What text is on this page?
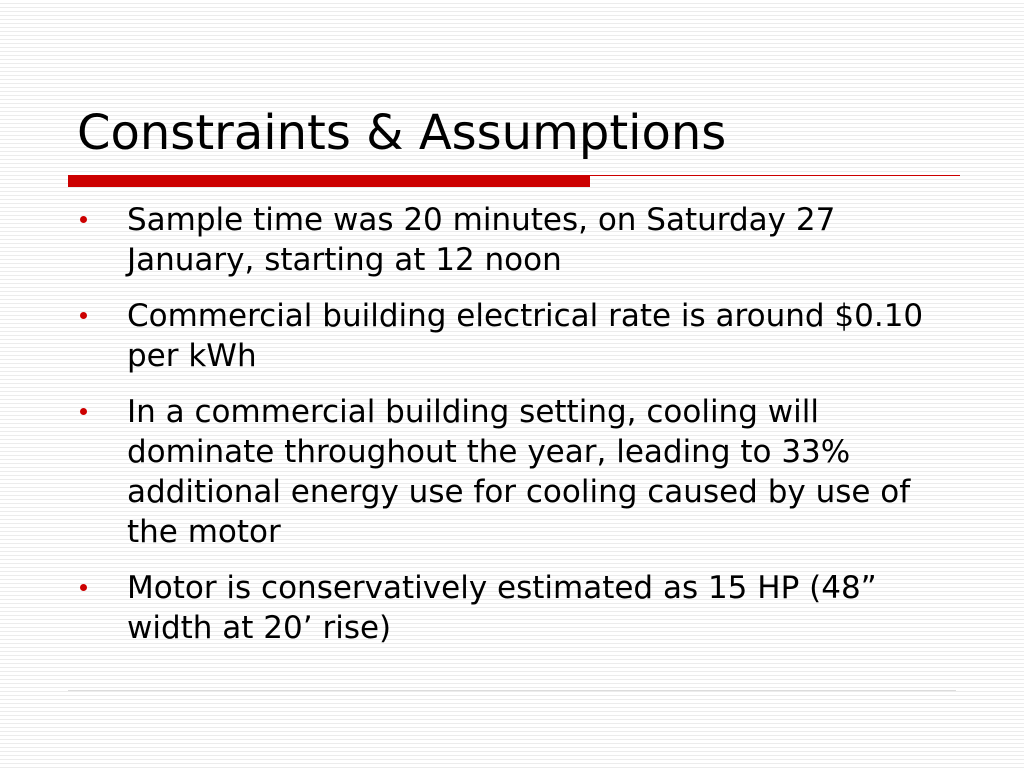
Constraints & Assumptions
Sample time was 20 minutes, on Saturday 27 January, starting at 12 noon
Commercial building electrical rate is around $0.10 per kWh
In a commercial building setting, cooling will dominate throughout the year, leading to 33% additional energy use for cooling caused by use of the motor
Motor is conservatively estimated as 15 HP (48” width at 20’ rise)
